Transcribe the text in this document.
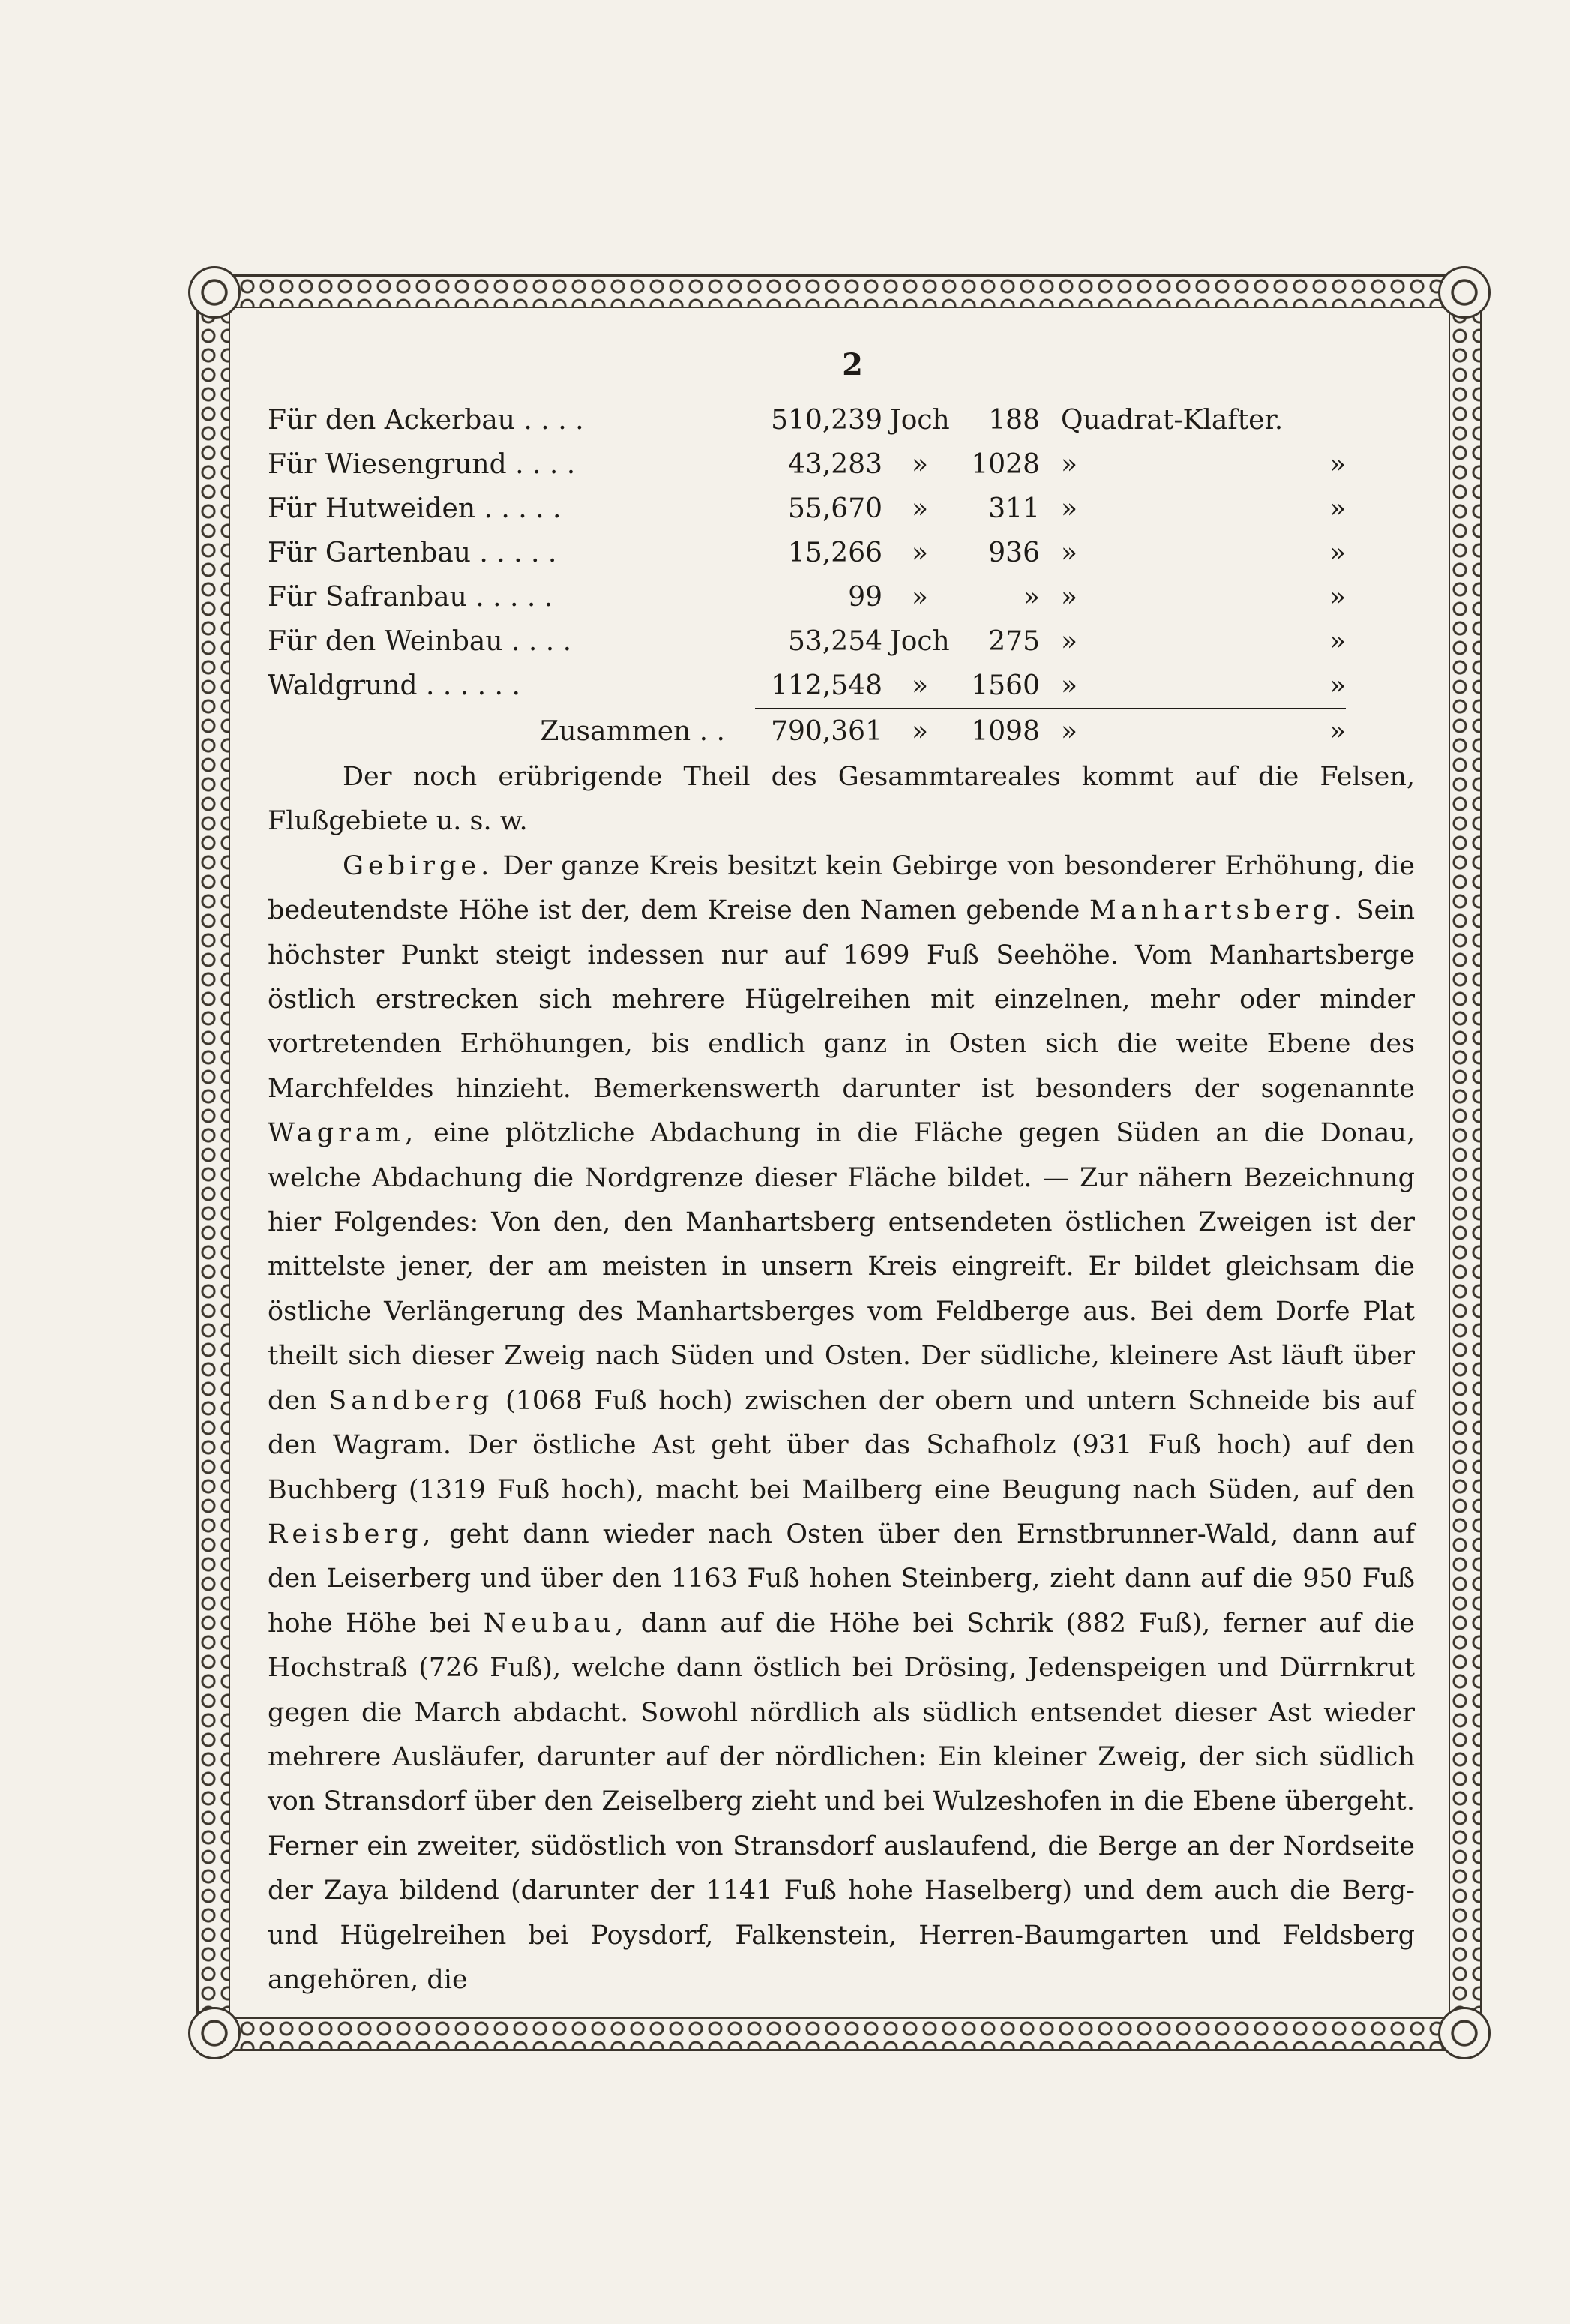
2
Für den Ackerbau . . . .	510,239	Joch	188	Quadrat-Klafter.	
Für Wiesengrund . . . .	43,283	»	1028	»	»
Für Hutweiden . . . . .	55,670	»	311	»	»
Für Gartenbau . . . . .	15,266	»	936	»	»
Für Safranbau . . . . .	99	»	»	»	»
Für den Weinbau . . . .	53,254	Joch	275	»	»
Waldgrund . . . . . .	112,548	»	1560	»	»
Zusammen . .	790,361	»	1098	»	»

Der noch erübrigende Theil des Gesammtareales kommt auf die Felsen, Flußgebiete u. s. w.

Gebirge. Der ganze Kreis besitzt kein Gebirge von besonderer Erhöhung, die bedeutendste Höhe ist der, dem Kreise den Namen gebende Manhartsberg. Sein höchster Punkt steigt indessen nur auf 1699 Fuß Seehöhe. Vom Manhartsberge östlich erstrecken sich mehrere Hügelreihen mit einzelnen, mehr oder minder vortretenden Erhöhungen, bis endlich ganz in Osten sich die weite Ebene des Marchfeldes hinzieht. Bemerkenswerth darunter ist besonders der sogenannte Wagram, eine plötzliche Abdachung in die Fläche gegen Süden an die Donau, welche Abdachung die Nordgrenze dieser Fläche bildet. — Zur nähern Bezeichnung hier Folgendes: Von den, den Manhartsberg entsendeten östlichen Zweigen ist der mittelste jener, der am meisten in unsern Kreis eingreift. Er bildet gleichsam die östliche Verlängerung des Manhartsberges vom Feldberge aus. Bei dem Dorfe Plat theilt sich dieser Zweig nach Süden und Osten. Der südliche, kleinere Ast läuft über den Sandberg (1068 Fuß hoch) zwischen der obern und untern Schneide bis auf den Wagram. Der östliche Ast geht über das Schafholz (931 Fuß hoch) auf den Buchberg (1319 Fuß hoch), macht bei Mailberg eine Beugung nach Süden, auf den Reisberg, geht dann wieder nach Osten über den Ernstbrunner-Wald, dann auf den Leiserberg und über den 1163 Fuß hohen Steinberg, zieht dann auf die 950 Fuß hohe Höhe bei Neubau, dann auf die Höhe bei Schrik (882 Fuß), ferner auf die Hochstraß (726 Fuß), welche dann östlich bei Drösing, Jedenspeigen und Dürrnkrut gegen die March abdacht. Sowohl nördlich als südlich entsendet dieser Ast wieder mehrere Ausläufer, darunter auf der nördlichen: Ein kleiner Zweig, der sich südlich von Stransdorf über den Zeiselberg zieht und bei Wulzeshofen in die Ebene übergeht. Ferner ein zweiter, südöstlich von Stransdorf auslaufend, die Berge an der Nordseite der Zaya bildend (darunter der 1141 Fuß hohe Haselberg) und dem auch die Berg- und Hügelreihen bei Poysdorf, Falkenstein, Herren-Baumgarten und Feldsberg angehören, die
